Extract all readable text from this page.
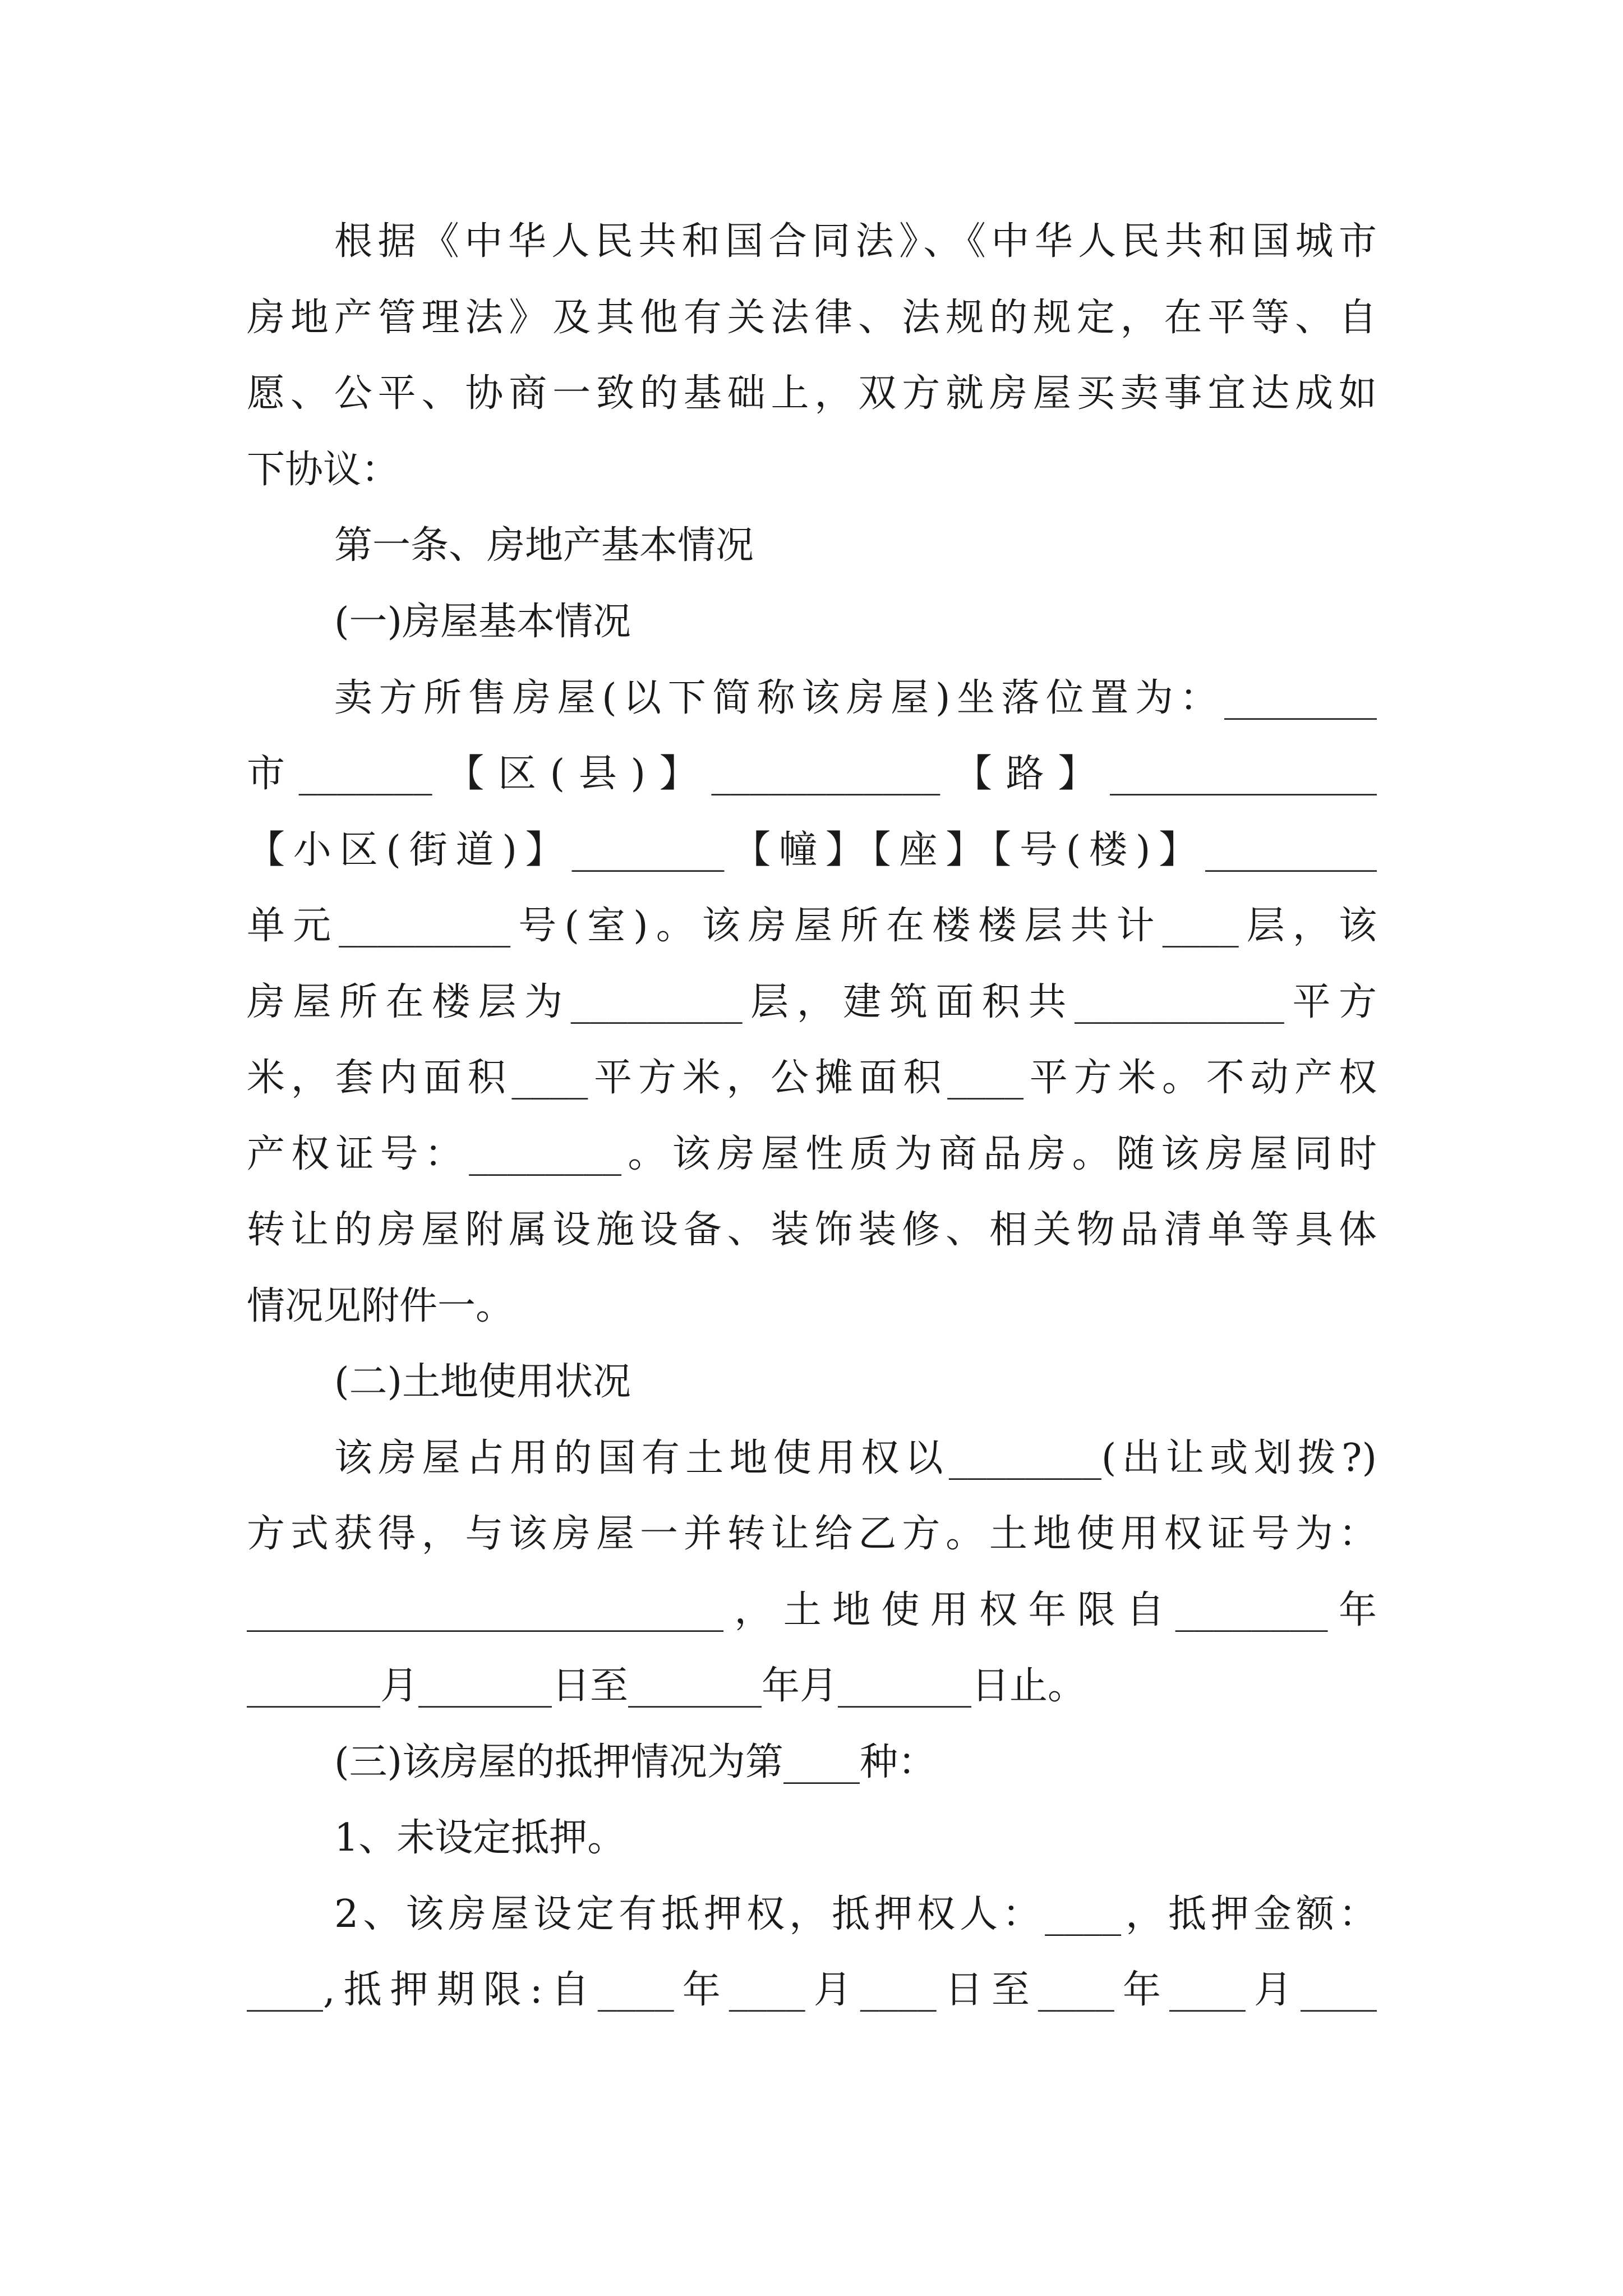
根据《中华人民共和国合同法》、《中华人民共和国城市
房地产管理法》及其他有关法律、法规的规定，在平等、自
愿、公平、协商一致的基础上，双方就房屋买卖事宜达成如
下协议：
第一条、房地产基本情况
(一)房屋基本情况
卖方所售房屋(以下简称该房屋)坐落位置为：________
市_______【区(县)】____________【路】______________
【小区(街道)】________【幢】【座】【号(楼)】_________
单元_________号(室)。该房屋所在楼楼层共计____层，该
房屋所在楼层为_________层，建筑面积共___________平方
米，套内面积____平方米，公摊面积____平方米。不动产权
产权证号：________。该房屋性质为商品房。随该房屋同时
转让的房屋附属设施设备、装饰装修、相关物品清单等具体
情况见附件一。
(二)土地使用状况
该房屋占用的国有土地使用权以________(出让或划拨?)
方式获得，与该房屋一并转让给乙方。土地使用权证号为：
_________________________，土地使用权年限自________年
_______月_______日至_______年月_______日止。
(三)该房屋的抵押情况为第____种：
1、未设定抵押。
2、该房屋设定有抵押权，抵押权人：____，抵押金额：
____,抵押期限:自____年____月____日至____年____月____
